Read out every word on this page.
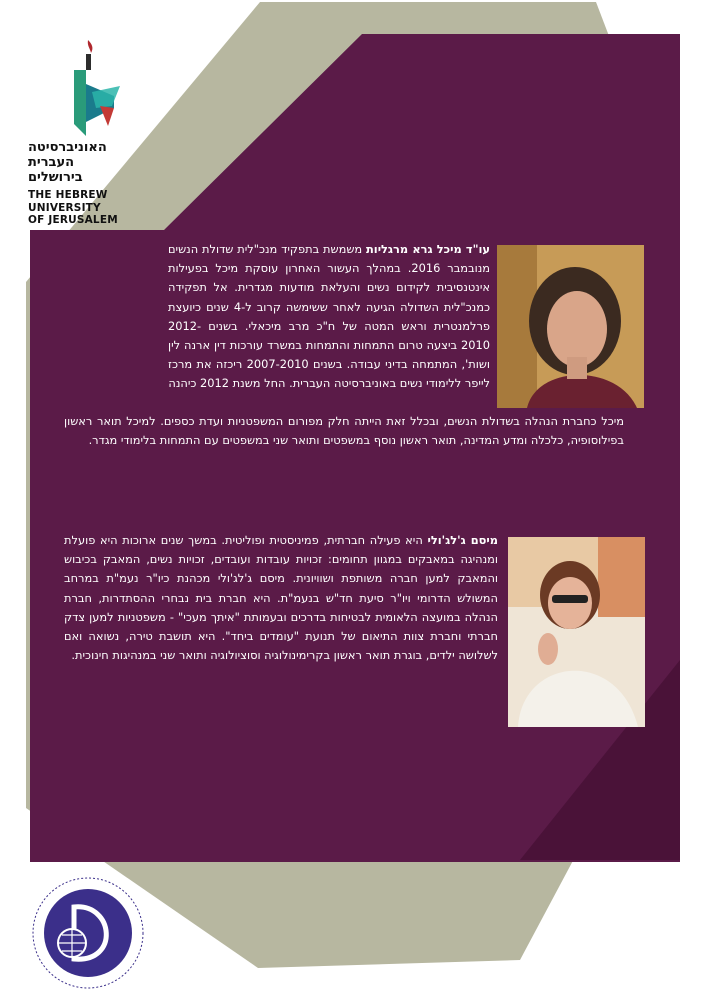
האוניברסיטה
העברית
בירושלים
THE HEBREW
UNIVERSITY
OF JERUSALEM
עו"ד מיכל גרא מרגליות משמשת בתפקיד מנכ"לית שדולת הנשים מנובמבר 2016. במהלך העשור האחרון עוסקת מיכל בפעילות אינטנסיבית לקידום נשים והעלאת מודעות מגדרית. אל תפקידה כמנכ"לית השדולה הגיעה לאחר ששימשה קרוב ל-4 שנים כיועצת פרלמנטרית וראש המטה של ח"כ מרב מיכאלי. בשנים 2012-2010 ביצעה טרום התמחות והתמחות במשרד עורכות דין ארנה לין ושות', המתמחה בדיני עבודה. בשנים 2007-2010 ריכזה את מרכז לייפר ללימודי נשים באוניברסיטה העברית. החל משנת 2012 כיהנה
מיכל כחברת הנהלה בשדולת הנשים, ובכלל זאת הייתה חלק מפורום המשפטניות ועדת כספים. למיכל תואר ראשון בפילוסופיה, כלכלה ומדע המדינה, תואר ראשון נוסף במשפטים ותואר שני במשפטים עם התמחות בלימודי מגדר.
מיסם ג'לג'ולי היא פעילה חברתית, פמיניסטית ופוליטית. במשך שנים ארוכות היא פועלת ומנהיגה במאבקים במגוון תחומים: זכויות עובדות ועובדים, זכויות נשים, המאבק בכיבוש והמאבק למען חברה משותפת ושוויונית. מיסם ג'לג'ולי מכהנת כיו"ר נעמ"ת במרחב המשולש הדרומי ויו"ר סיעת חד"ש בנעמ"ת. היא חברת בית נבחרי ההסתדרות, חברת הנהלה במועצה הלאומית לבטיחות בדרכים ובעמותת "איתך מעכי" - משפטניות למען צדק חברתי וחברת צוות התיאום של תנועת "עומדים ביחד". היא תושבת טירה, נשואה ואם לשלושה ילדים, בוגרת תואר ראשון בקרימינולוגיה וסוציולוגיה ותואר שני במנהיגות חינוכית.
